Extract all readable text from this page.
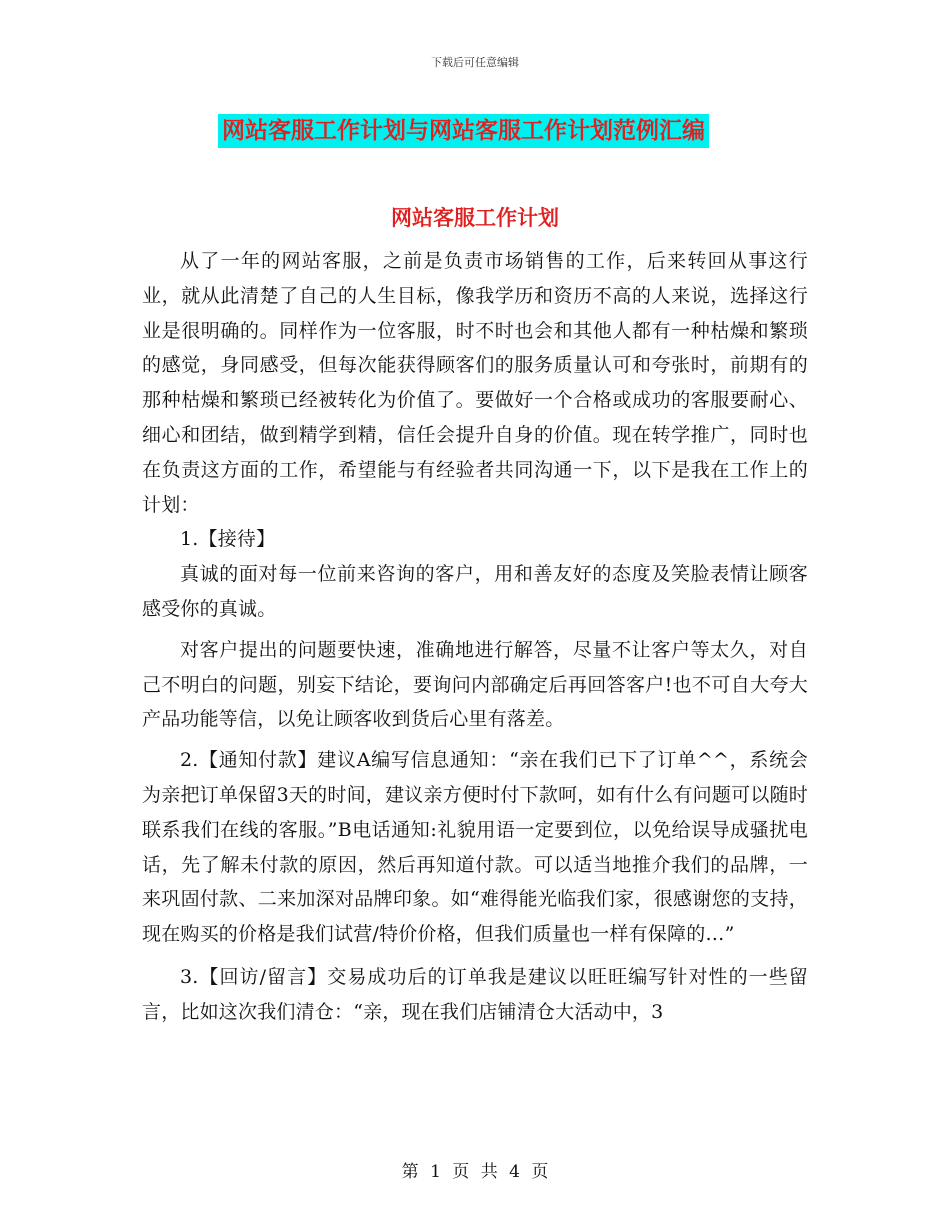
下载后可任意编辑
网站客服工作计划与网站客服工作计划范例汇编
网站客服工作计划

从了一年的网站客服，之前是负责市场销售的工作，后来转回从事这行业，就从此清楚了自己的人生目标，像我学历和资历不高的人来说，选择这行业是很明确的。同样作为一位客服，时不时也会和其他人都有一种枯燥和繁琐的感觉，身同感受，但每次能获得顾客们的服务质量认可和夸张时，前期有的那种枯燥和繁琐已经被转化为价值了。要做好一个合格或成功的客服要耐心、细心和团结，做到精学到精，信任会提升自身的价值。现在转学推广，同时也在负责这方面的工作，希望能与有经验者共同沟通一下，以下是我在工作上的计划：

1.【接待】

真诚的面对每一位前来咨询的客户，用和善友好的态度及笑脸表情让顾客感受你的真诚。

对客户提出的问题要快速，准确地进行解答，尽量不让客户等太久，对自己不明白的问题，别妄下结论，要询问内部确定后再回答客户!也不可自大夸大产品功能等信，以免让顾客收到货后心里有落差。

2.【通知付款】建议A编写信息通知：“亲在我们已下了订单^^，系统会为亲把订单保留3天的时间，建议亲方便时付下款呵，如有什么有问题可以随时联系我们在线的客服。”B电话通知:礼貌用语一定要到位，以免给误导成骚扰电话，先了解未付款的原因，然后再知道付款。可以适当地推介我们的品牌，一来巩固付款、二来加深对品牌印象。如“难得能光临我们家，很感谢您的支持，现在购买的价格是我们试营/特价价格，但我们质量也一样有保障的…”

3.【回访/留言】交易成功后的订单我是建议以旺旺编写针对性的一些留言，比如这次我们清仓：“亲，现在我们店铺清仓大活动中，3

第 1 页 共 4 页
